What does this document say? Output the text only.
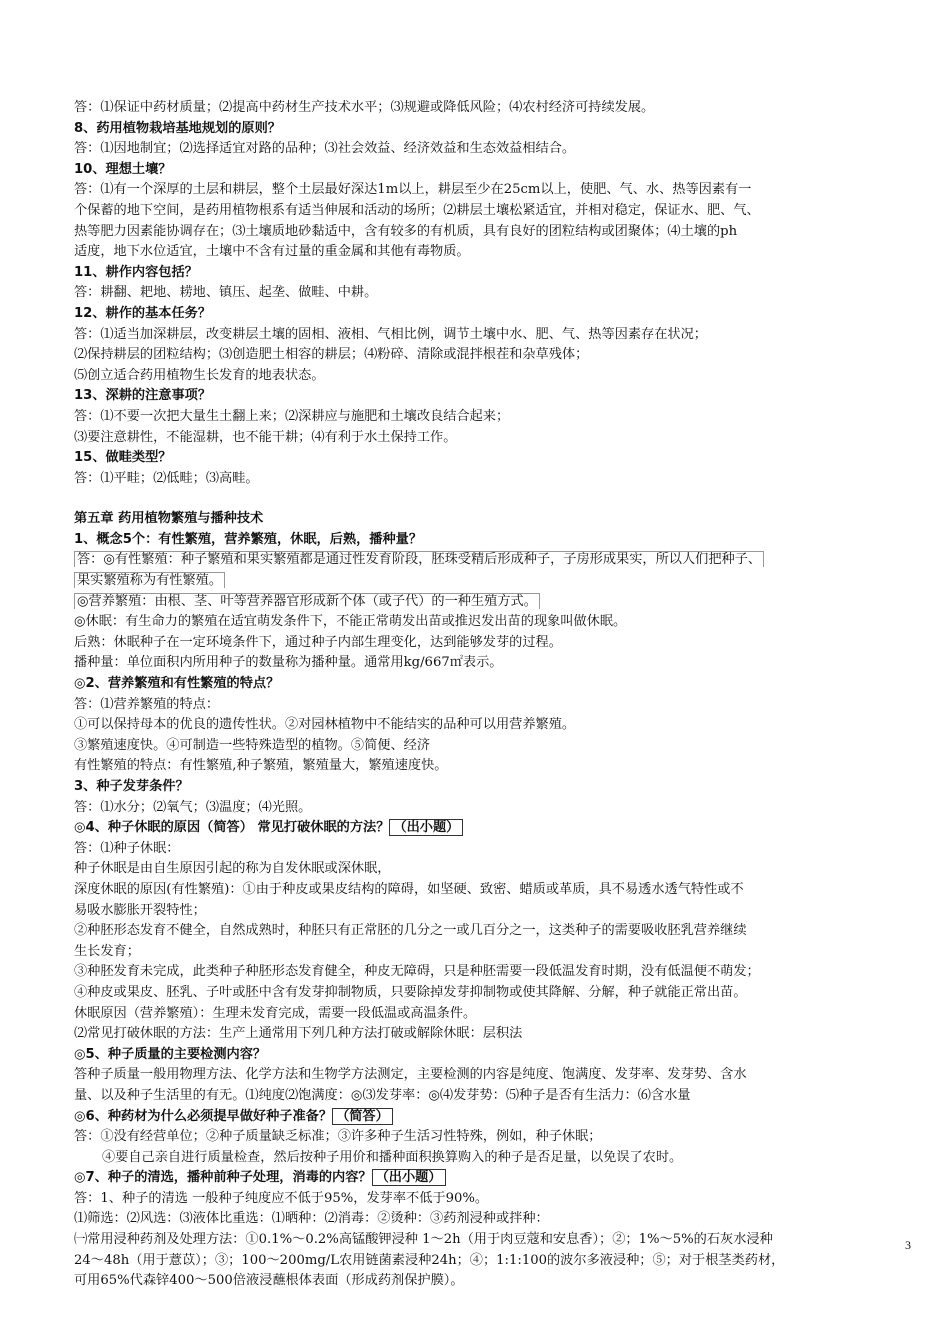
答：⑴保证中药材质量；⑵提高中药材生产技术水平；⑶规避或降低风险；⑷农村经济可持续发展。
8、药用植物栽培基地规划的原则？
答：⑴因地制宜；⑵选择适宜对路的品种；⑶社会效益、经济效益和生态效益相结合。
10、理想土壤？
答：⑴有一个深厚的土层和耕层，整个土层最好深达1m以上，耕层至少在25cm以上，使肥、气、水、热等因素有一
个保蓄的地下空间，是药用植物根系有适当伸展和活动的场所；⑵耕层土壤松紧适宜，并相对稳定，保证水、肥、气、
热等肥力因素能协调存在；⑶土壤质地砂黏适中，含有较多的有机质，具有良好的团粒结构或团聚体；⑷土壤的ph
适度，地下水位适宜，土壤中不含有过量的重金属和其他有毒物质。
11、耕作内容包括？
答：耕翻、耙地、耢地、镇压、起垄、做畦、中耕。
12、耕作的基本任务？
答：⑴适当加深耕层，改变耕层土壤的固相、液相、气相比例，调节土壤中水、肥、气、热等因素存在状况；
⑵保持耕层的团粒结构；⑶创造肥土相容的耕层；⑷粉碎、清除或混拌根茬和杂草残体；
⑸创立适合药用植物生长发育的地表状态。
13、深耕的注意事项？
答：⑴不要一次把大量生土翻上来；⑵深耕应与施肥和土壤改良结合起来；
⑶要注意耕性，不能湿耕，也不能干耕；⑷有利于水土保持工作。
15、做畦类型？
答：⑴平畦；⑵低畦；⑶高畦。
第五章 药用植物繁殖与播种技术
1、概念5个：有性繁殖，营养繁殖，休眠，后熟，播种量？
答：◎有性繁殖：种子繁殖和果实繁殖都是通过性发育阶段，胚珠受精后形成种子，子房形成果实，所以人们把种子、
果实繁殖称为有性繁殖。
◎营养繁殖：由根、茎、叶等营养器官形成新个体（或子代）的一种生殖方式。
◎休眠：有生命力的繁殖在适宜萌发条件下，不能正常萌发出苗或推迟发出苗的现象叫做休眠。
后熟：休眠种子在一定环境条件下，通过种子内部生理变化，达到能够发芽的过程。
播种量：单位面积内所用种子的数量称为播种量。通常用kg/667㎡表示。
◎2、营养繁殖和有性繁殖的特点？
答：⑴营养繁殖的特点：
①可以保持母本的优良的遗传性状。②对园林植物中不能结实的品种可以用营养繁殖。
③繁殖速度快。④可制造一些特殊造型的植物。⑤简便、经济
有性繁殖的特点：有性繁殖,种子繁殖，繁殖量大，繁殖速度快。
3、种子发芽条件？
答：⑴水分；⑵氧气；⑶温度；⑷光照。
◎4、种子休眠的原因（简答） 常见打破休眠的方法？ （出小题）
答：⑴种子休眠：
种子休眠是由自生原因引起的称为自发休眠或深休眠，
深度休眠的原因(有性繁殖)：①由于种皮或果皮结构的障碍，如坚硬、致密、蜡质或革质，具不易透水透气特性或不
易吸水膨胀开裂特性；
②种胚形态发育不健全，自然成熟时，种胚只有正常胚的几分之一或几百分之一，这类种子的需要吸收胚乳营养继续
生长发育；
③种胚发育未完成，此类种子种胚形态发育健全，种皮无障碍，只是种胚需要一段低温发育时期，没有低温便不萌发；
④种皮或果皮、胚乳、子叶或胚中含有发芽抑制物质，只要除掉发芽抑制物或使其降解、分解，种子就能正常出苗。
休眠原因（营养繁殖）：生理未发育完成，需要一段低温或高温条件。
⑵常见打破休眠的方法：生产上通常用下列几种方法打破或解除休眠：层积法
◎5、种子质量的主要检测内容？
答种子质量一般用物理方法、化学方法和生物学方法测定，主要检测的内容是纯度、饱满度、发芽率、发芽势、含水
量、以及种子生活里的有无。⑴纯度⑵饱满度：◎⑶发芽率：◎⑷发芽势：⑸种子是否有生活力：⑹含水量
◎6、种药材为什么必须提早做好种子准备？ （简答）
答：①没有经营单位；②种子质量缺乏标准；③许多种子生活习性特殊，例如，种子休眠；
④要自己亲自进行质量检查，然后按种子用价和播种面积换算购入的种子是否足量，以免误了农时。
◎7、种子的清选，播种前种子处理，消毒的内容？ （出小题）
答：1、种子的清选 一般种子纯度应不低于95%，发芽率不低于90%。
⑴筛选：⑵风选：⑶液体比重选：⑴晒种：⑵消毒：②烫种：③药剂浸种或拌种：
㈠常用浸种药剂及处理方法：①0.1%～0.2%高锰酸钾浸种 1～2h（用于肉豆蔻和安息香）；②；1%～5%的石灰水浸种
24～48h（用于薏苡）；③；100～200mg/L农用链菌素浸种24h；④；1:1:100的波尔多液浸种；⑤；对于根茎类药材，
可用65%代森锌400～500倍液浸蘸根体表面（形成药剂保护膜）。
3
